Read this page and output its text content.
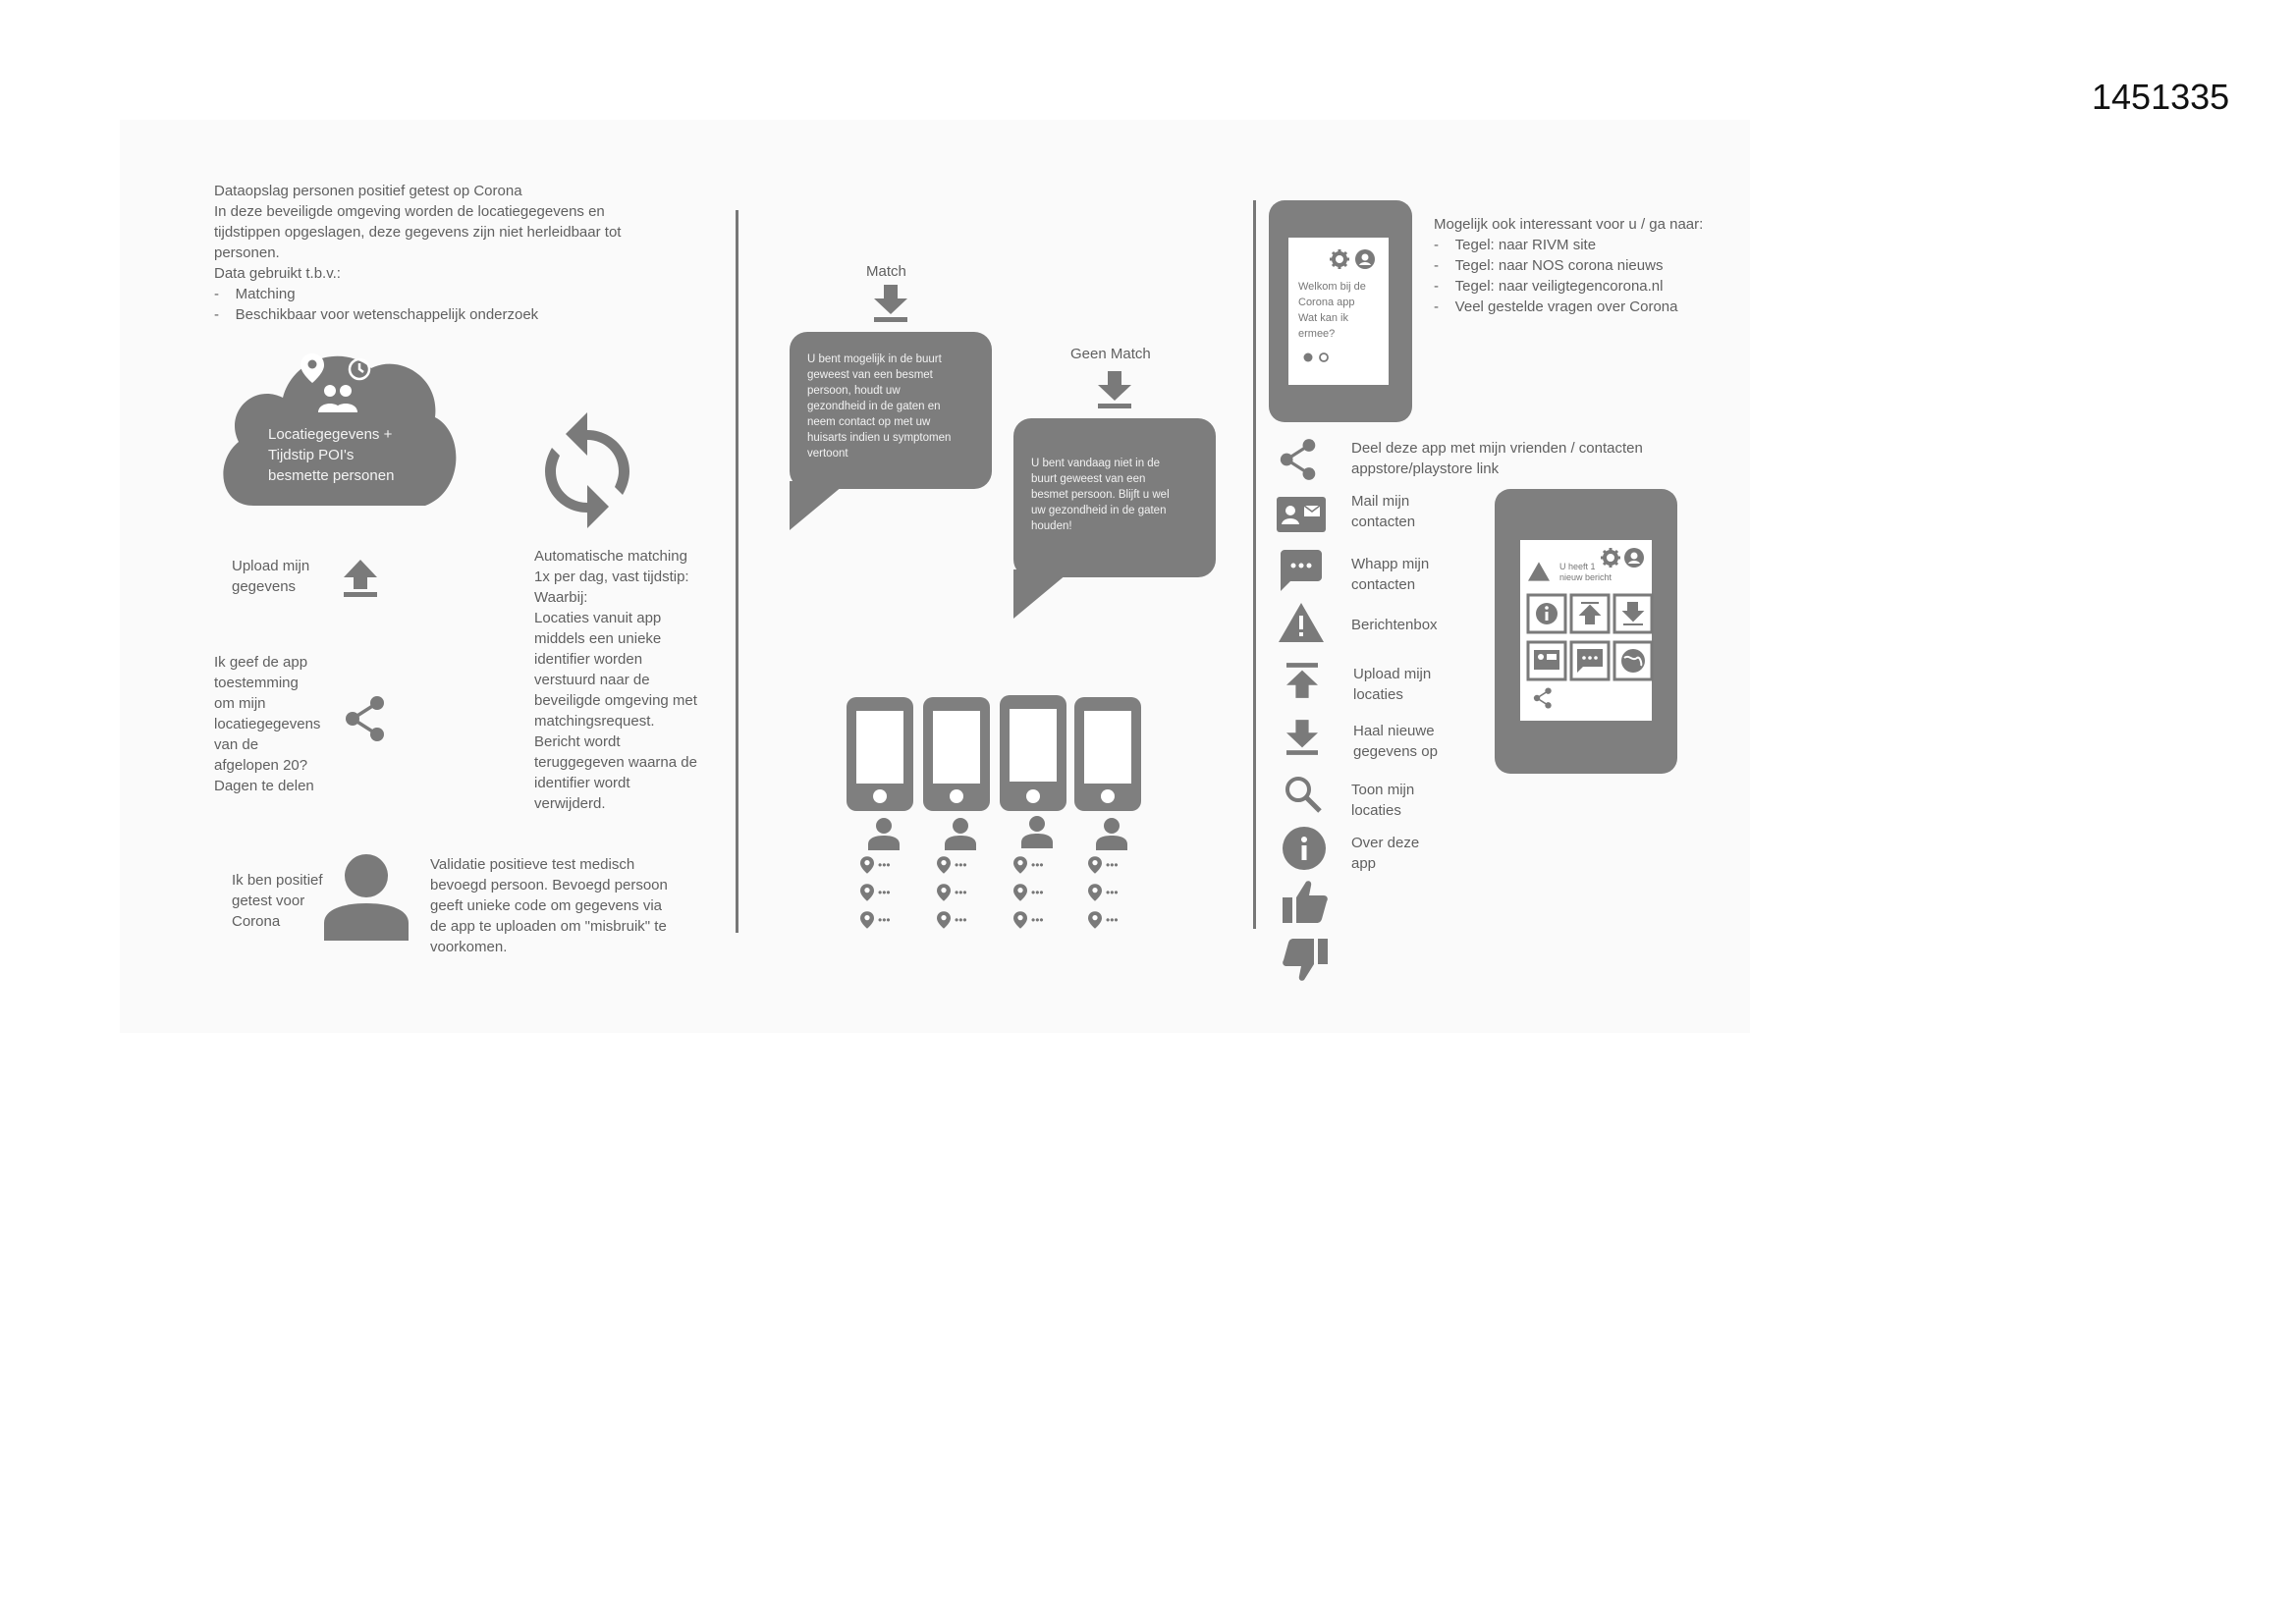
1451335
Dataopslag personen positief getest op Corona
In deze beveiligde omgeving worden de locatiegegevens en
tijdstippen opgeslagen, deze gegevens zijn niet herleidbaar tot
personen.
Data gebruikt t.b.v.:
-    Matching
-    Beschikbaar voor wetenschappelijk onderzoek
Locatiegegevens +
Tijdstip POI's
besmette personen
Upload mijn
gegevens
Automatische matching
1x per dag, vast tijdstip:
Waarbij:
Locaties vanuit app
middels een unieke
identifier worden
verstuurd naar de
beveiligde omgeving met
matchingsrequest.
Bericht wordt
teruggegeven waarna de
identifier wordt
verwijderd.
Ik geef de app
toestemming
om mijn
locatiegegevens
van de
afgelopen 20?
Dagen te delen
Ik ben positief
getest voor
Corona
Validatie positieve test medisch
bevoegd persoon. Bevoegd persoon
geeft unieke code om gegevens via
de app te uploaden om "misbruik" te
voorkomen.
Match
U bent mogelijk in de buurt
geweest van een besmet
persoon, houdt uw
gezondheid in de gaten en
neem contact op met uw
huisarts indien u symptomen
vertoont
Geen Match
U bent vandaag niet in de
buurt geweest van een
besmet persoon. Blijft u wel
uw gezondheid in de gaten
houden!
•••
•••
•••
•••
•••
•••
•••
•••
•••
•••
•••
•••
Welkom bij de
Corona app
Wat kan ik
ermee?
Mogelijk ook interessant voor u / ga naar:
-    Tegel: naar RIVM site
-    Tegel: naar NOS corona nieuws
-    Tegel: naar veiligtegencorona.nl
-    Veel gestelde vragen over Corona
Deel deze app met mijn vrienden / contacten
appstore/playstore link
Mail mijn
contacten
Whapp mijn
contacten
Berichtenbox
Upload mijn
locaties
Haal nieuwe
gegevens op
Toon mijn
locaties
Over deze
app
U heeft 1
nieuw bericht
